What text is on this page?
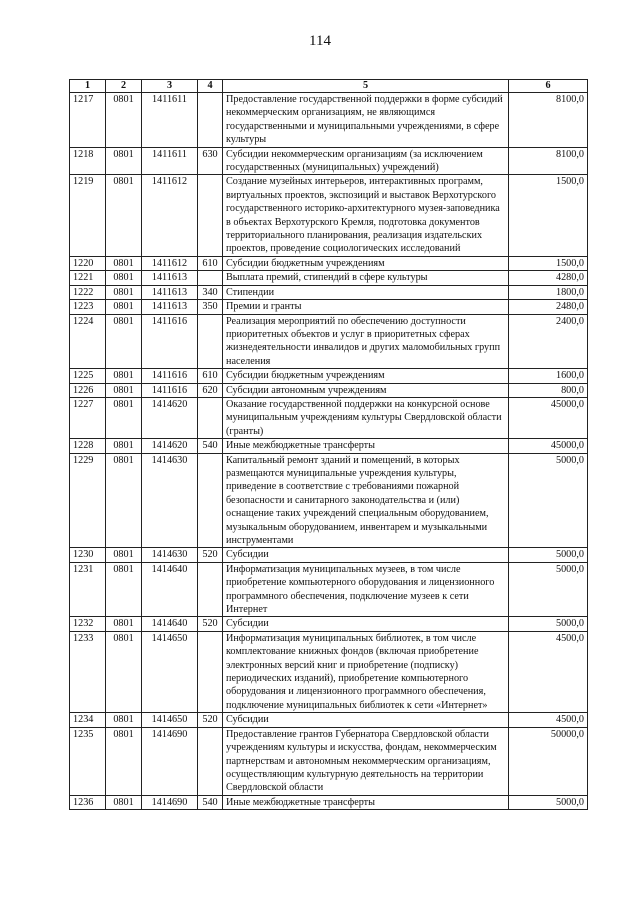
114
1	2	3	4	5	6
1217	0801	1411611		Предоставление государственной поддержки в форме субсидий некоммерческим организациям, не являющимся государственными и муниципальными учреждениями, в сфере культуры	8100,0
1218	0801	1411611	630	Субсидии некоммерческим организациям (за исключением государственных (муниципальных) учреждений)	8100,0
1219	0801	1411612		Создание музейных интерьеров, интерактивных программ, виртуальных проектов, экспозиций и выставок Верхотурского государственного историко-архитектурного музея-заповедника в объектах Верхотурского Кремля, подготовка документов территориального планирования, реализация издательских проектов, проведение социологических исследований	1500,0
1220	0801	1411612	610	Субсидии бюджетным учреждениям	1500,0
1221	0801	1411613		Выплата премий, стипендий в сфере культуры	4280,0
1222	0801	1411613	340	Стипендии	1800,0
1223	0801	1411613	350	Премии и гранты	2480,0
1224	0801	1411616		Реализация мероприятий по обеспечению доступности приоритетных объектов и услуг в приоритетных сферах жизнедеятельности инвалидов и других маломобильных групп населения	2400,0
1225	0801	1411616	610	Субсидии бюджетным учреждениям	1600,0
1226	0801	1411616	620	Субсидии автономным учреждениям	800,0
1227	0801	1414620		Оказание государственной поддержки на конкурсной основе муниципальным учреждениям культуры Свердловской области (гранты)	45000,0
1228	0801	1414620	540	Иные межбюджетные трансферты	45000,0
1229	0801	1414630		Капитальный ремонт зданий и помещений, в которых размещаются муниципальные учреждения культуры, приведение в соответствие с требованиями пожарной безопасности и санитарного законодательства и (или) оснащение таких учреждений специальным оборудованием, музыкальным оборудованием, инвентарем и музыкальными инструментами	5000,0
1230	0801	1414630	520	Субсидии	5000,0
1231	0801	1414640		Информатизация муниципальных музеев, в том числе приобретение компьютерного оборудования и лицензионного программного обеспечения, подключение музеев к сети Интернет	5000,0
1232	0801	1414640	520	Субсидии	5000,0
1233	0801	1414650		Информатизация муниципальных библиотек, в том числе комплектование книжных фондов (включая приобретение электронных версий книг и приобретение (подписку) периодических изданий), приобретение компьютерного оборудования и лицензионного программного обеспечения, подключение муниципальных библиотек к сети «Интернет»	4500,0
1234	0801	1414650	520	Субсидии	4500,0
1235	0801	1414690		Предоставление грантов Губернатора Свердловской области учреждениям культуры и искусства, фондам, некоммерческим партнерствам и автономным некоммерческим организациям, осуществляющим культурную деятельность на территории Свердловской области	50000,0
1236	0801	1414690	540	Иные межбюджетные трансферты	5000,0
